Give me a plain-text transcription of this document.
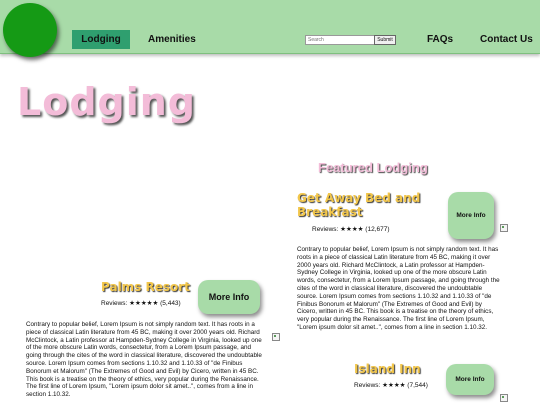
Lodging	Amenities
Search	Submit	FAQs	Contact Us
Lodging
Featured Lodging
Get Away Bed and Breakfast
Reviews: ★★★★ (12,677)
More Info

Contrary to popular belief, Lorem Ipsum is not simply random text. It has roots in a piece of classical Latin literature from 45 BC, making it over 2000 years old. Richard McClintock, a Latin professor at Hampden-Sydney College in Virginia, looked up one of the more obscure Latin words, consectetur, from a Lorem Ipsum passage, and going through the cites of the word in classical literature, discovered the undoubtable source. Lorem Ipsum comes from sections 1.10.32 and 1.10.33 of "de Finibus Bonorum et Malorum" (The Extremes of Good and Evil) by Cicero, written in 45 BC. This book is a treatise on the theory of ethics, very popular during the Renaissance. The first line of Lorem Ipsum, "Lorem ipsum dolor sit amet..", comes from a line in section 1.10.32.

Palms Resort
Reviews: ★★★★★ (5,443)
More Info

Contrary to popular belief, Lorem Ipsum is not simply random text. It has roots in a piece of classical Latin literature from 45 BC, making it over 2000 years old. Richard McClintock, a Latin professor at Hampden-Sydney College in Virginia, looked up one of the more obscure Latin words, consectetur, from a Lorem Ipsum passage, and going through the cites of the word in classical literature, discovered the undoubtable source. Lorem Ipsum comes from sections 1.10.32 and 1.10.33 of "de Finibus Bonorum et Malorum" (The Extremes of Good and Evil) by Cicero, written in 45 BC. This book is a treatise on the theory of ethics, very popular during the Renaissance. The first line of Lorem Ipsum, "Lorem ipsum dolor sit amet..", comes from a line in section 1.10.32.

Island Inn
Reviews: ★★★★ (7,544)
More Info
